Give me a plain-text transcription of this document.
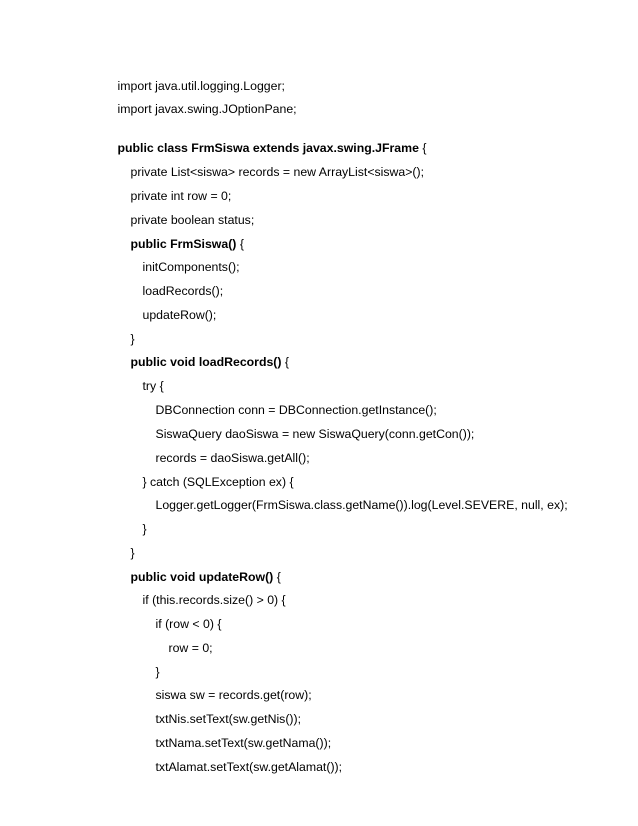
import java.util.logging.Logger;

import javax.swing.JOptionPane;

public class FrmSiswa extends javax.swing.JFrame {

private List<siswa> records = new ArrayList<siswa>();

private int row = 0;

private boolean status;

public FrmSiswa() {

initComponents();

loadRecords();

updateRow();

}

public void loadRecords() {

try {

DBConnection conn = DBConnection.getInstance();

SiswaQuery daoSiswa = new SiswaQuery(conn.getCon());

records = daoSiswa.getAll();

} catch (SQLException ex) {

Logger.getLogger(FrmSiswa.class.getName()).log(Level.SEVERE, null, ex);

}

}

public void updateRow() {

if (this.records.size() > 0) {

if (row < 0) {

row = 0;

}

siswa sw = records.get(row);

txtNis.setText(sw.getNis());

txtNama.setText(sw.getNama());

txtAlamat.setText(sw.getAlamat());
